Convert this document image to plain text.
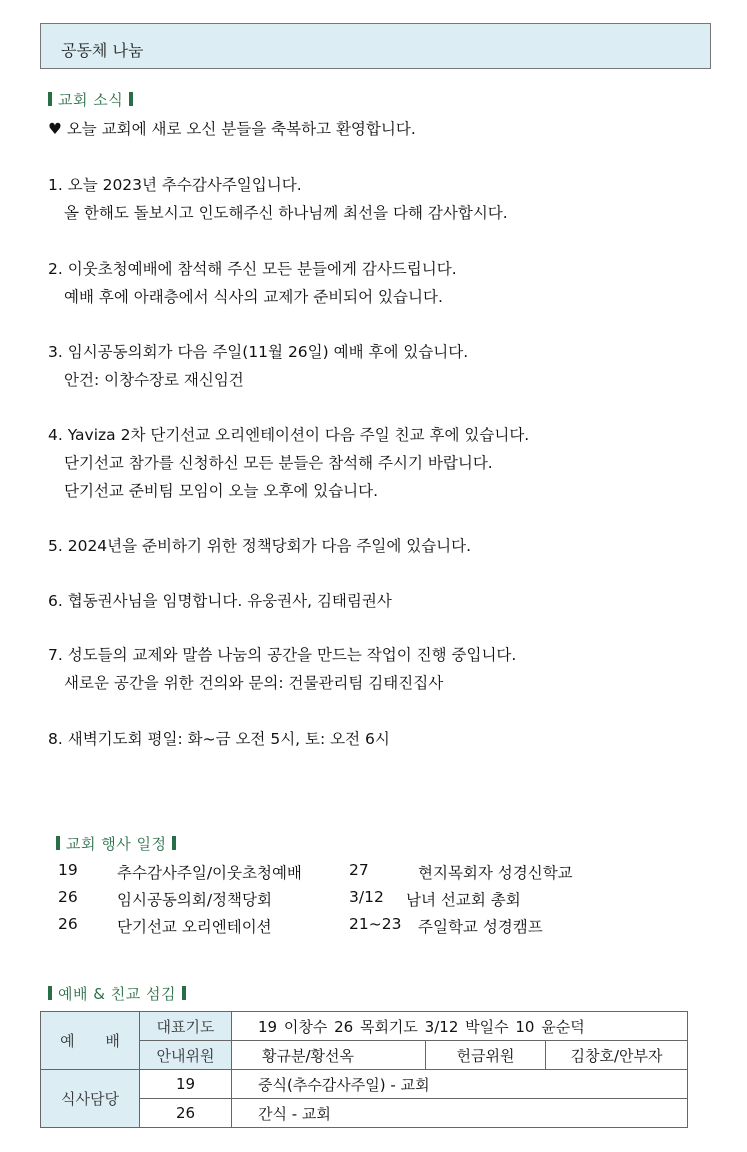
공동체 나눔
교회 소식
♥ 오늘 교회에 새로 오신 분들을 축복하고 환영합니다.
1. 오늘 2023년 추수감사주일입니다.
올 한해도 돌보시고 인도해주신 하나님께 최선을 다해 감사합시다.
2. 이웃초청예배에 참석해 주신 모든 분들에게 감사드립니다.
예배 후에 아래층에서 식사의 교제가 준비되어 있습니다.
3. 임시공동의회가 다음 주일(11월 26일) 예배 후에 있습니다.
안건: 이창수장로 재신임건
4. Yaviza 2차 단기선교 오리엔테이션이 다음 주일 친교 후에 있습니다.
단기선교 참가를 신청하신 모든 분들은 참석해 주시기 바랍니다.
단기선교 준비팀 모임이 오늘 오후에 있습니다.
5. 2024년을 준비하기 위한 정책당회가 다음 주일에 있습니다.
6. 협동권사님을 임명합니다. 유웅권사, 김태림권사
7. 성도들의 교제와 말씀 나눔의 공간을 만드는 작업이 진행 중입니다.
새로운 공간을 위한 건의와 문의: 건물관리팀 김태진집사
8. 새벽기도회 평일: 화~금 오전 5시, 토: 오전 6시
교회 행사 일정
19	추수감사주일/이웃초청예배	27	현지목회자 성경신학교
26	임시공동의회/정책당회	3/12 남녀 선교회 총회
26	단기선교 오리엔테이션	21~23 주일학교 성경캠프
예배 & 친교 섬김
예 배	대표기도	19 이창수 26 목회기도 3/12 박일수 10 윤순덕		
	안내위원	황규분/황선옥	헌금위원	김창호/안부자
식사담당	19	중식(추수감사주일) - 교회		
	26	간식 - 교회		
